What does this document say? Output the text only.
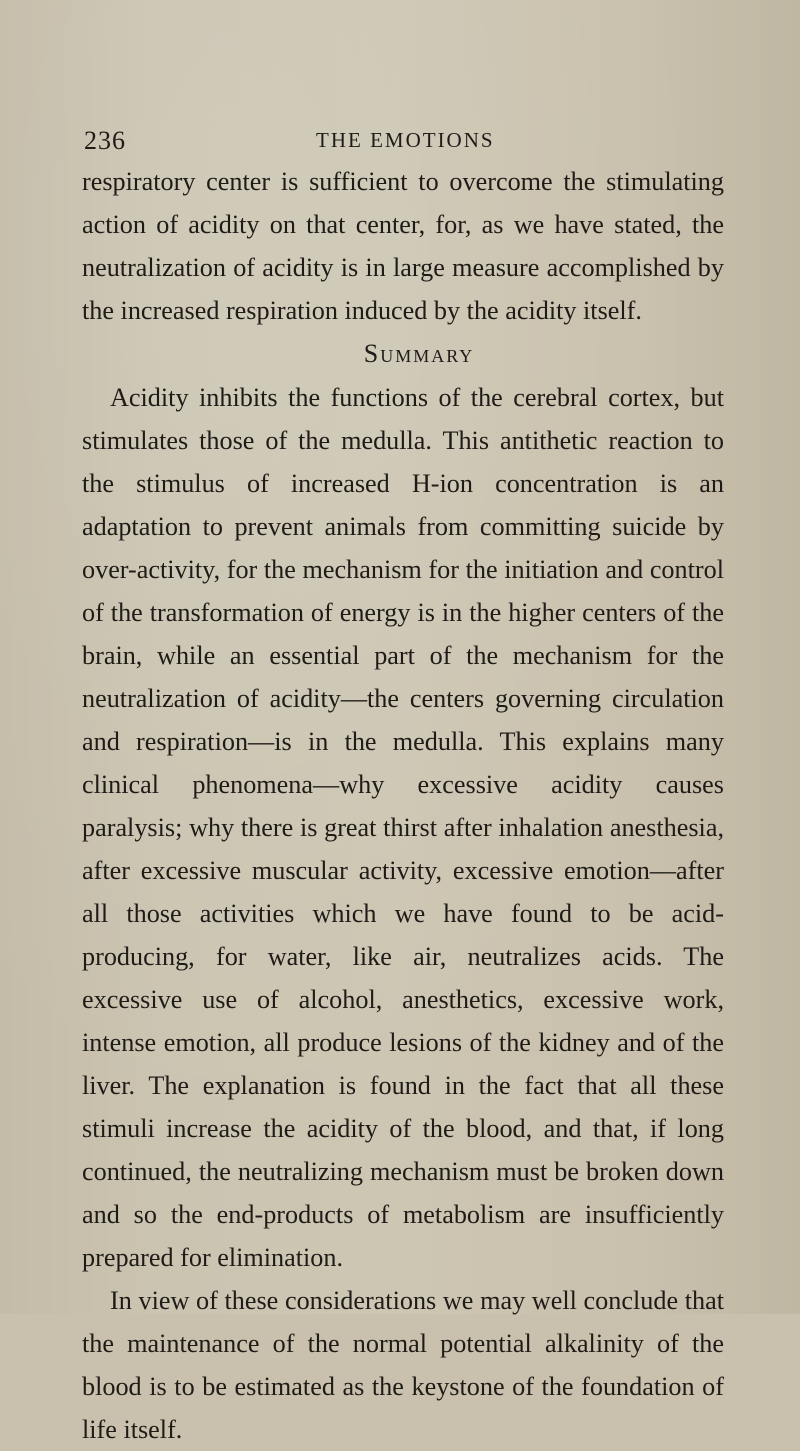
236	THE EMOTIONS

respiratory center is sufficient to overcome the stimulating action of acidity on that center, for, as we have stated, the neutralization of acidity is in large measure accomplished by the increased respiration induced by the acidity itself.

Summary

Acidity inhibits the functions of the cerebral cortex, but stimulates those of the medulla. This antithetic reaction to the stimulus of increased H-ion concentration is an adaptation to prevent animals from committing suicide by over-activity, for the mechanism for the initiation and control of the transformation of energy is in the higher centers of the brain, while an essential part of the mechanism for the neutralization of acidity—the centers governing circulation and respiration—is in the medulla. This explains many clinical phenomena—why excessive acidity causes paralysis; why there is great thirst after inhalation anesthesia, after excessive muscular activity, excessive emotion—after all those activities which we have found to be acid-producing, for water, like air, neutralizes acids. The excessive use of alcohol, anesthetics, excessive work, intense emotion, all produce lesions of the kidney and of the liver. The explanation is found in the fact that all these stimuli increase the acidity of the blood, and that, if long continued, the neutralizing mechanism must be broken down and so the end-products of metabolism are insufficiently prepared for elimination.

In view of these considerations we may well conclude that the maintenance of the normal potential alkalinity of the blood is to be estimated as the keystone of the foundation of life itself.
